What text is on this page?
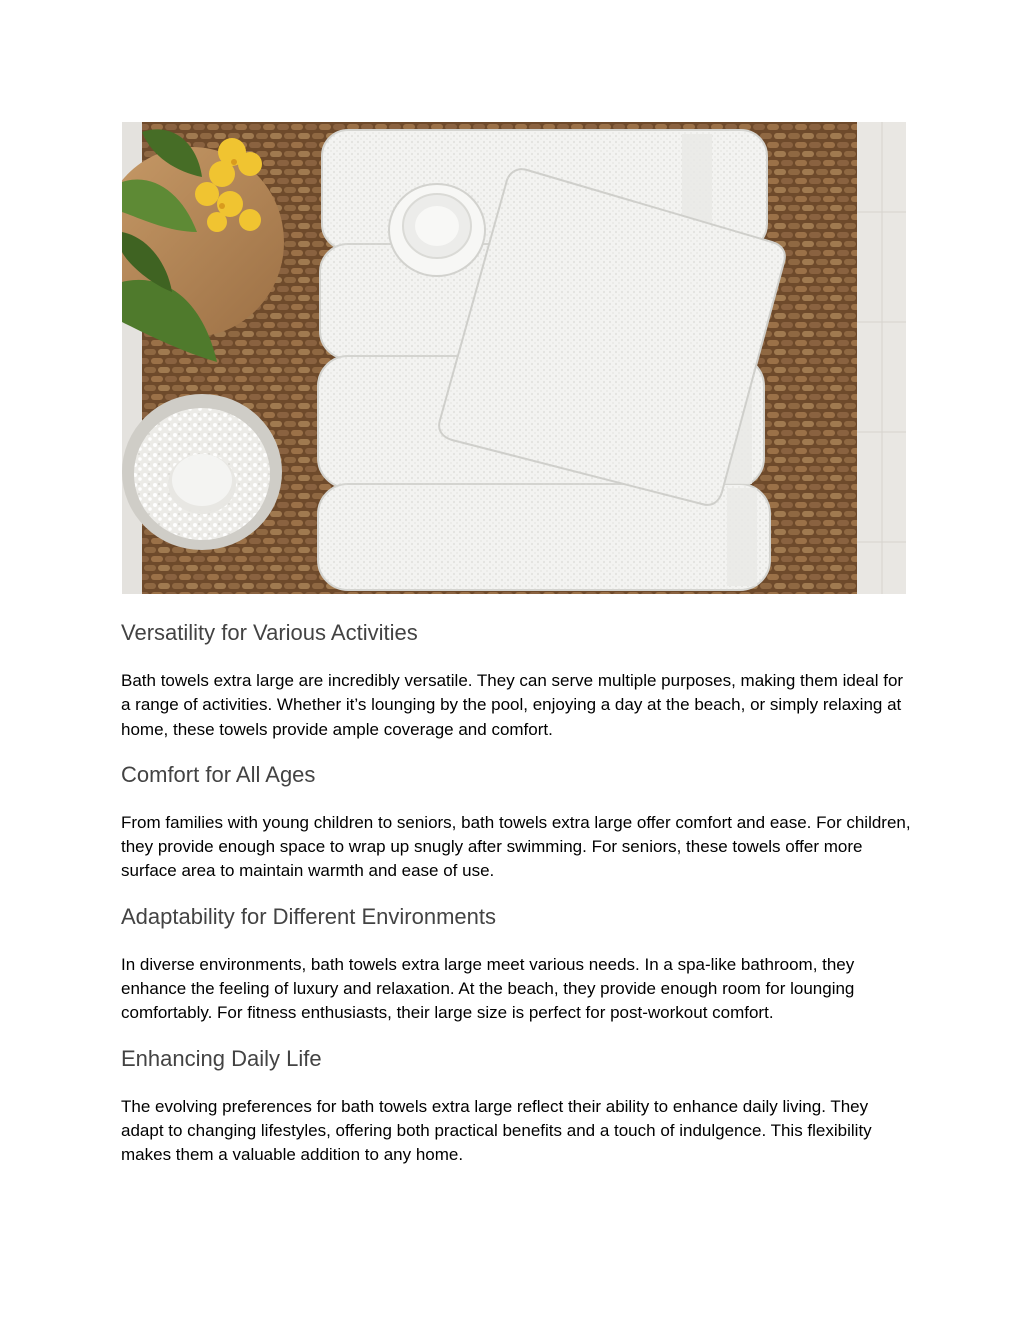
Versatility for Various Activities

Bath towels extra large are incredibly versatile. They can serve multiple purposes, making them ideal for a range of activities. Whether it’s lounging by the pool, enjoying a day at the beach, or simply relaxing at home, these towels provide ample coverage and comfort.

Comfort for All Ages

From families with young children to seniors, bath towels extra large offer comfort and ease. For children, they provide enough space to wrap up snugly after swimming. For seniors, these towels offer more surface area to maintain warmth and ease of use.

Adaptability for Different Environments

In diverse environments, bath towels extra large meet various needs. In a spa-like bathroom, they enhance the feeling of luxury and relaxation. At the beach, they provide enough room for lounging comfortably. For fitness enthusiasts, their large size is perfect for post-workout comfort.

Enhancing Daily Life

The evolving preferences for bath towels extra large reflect their ability to enhance daily living. They adapt to changing lifestyles, offering both practical benefits and a touch of indulgence. This flexibility makes them a valuable addition to any home.
